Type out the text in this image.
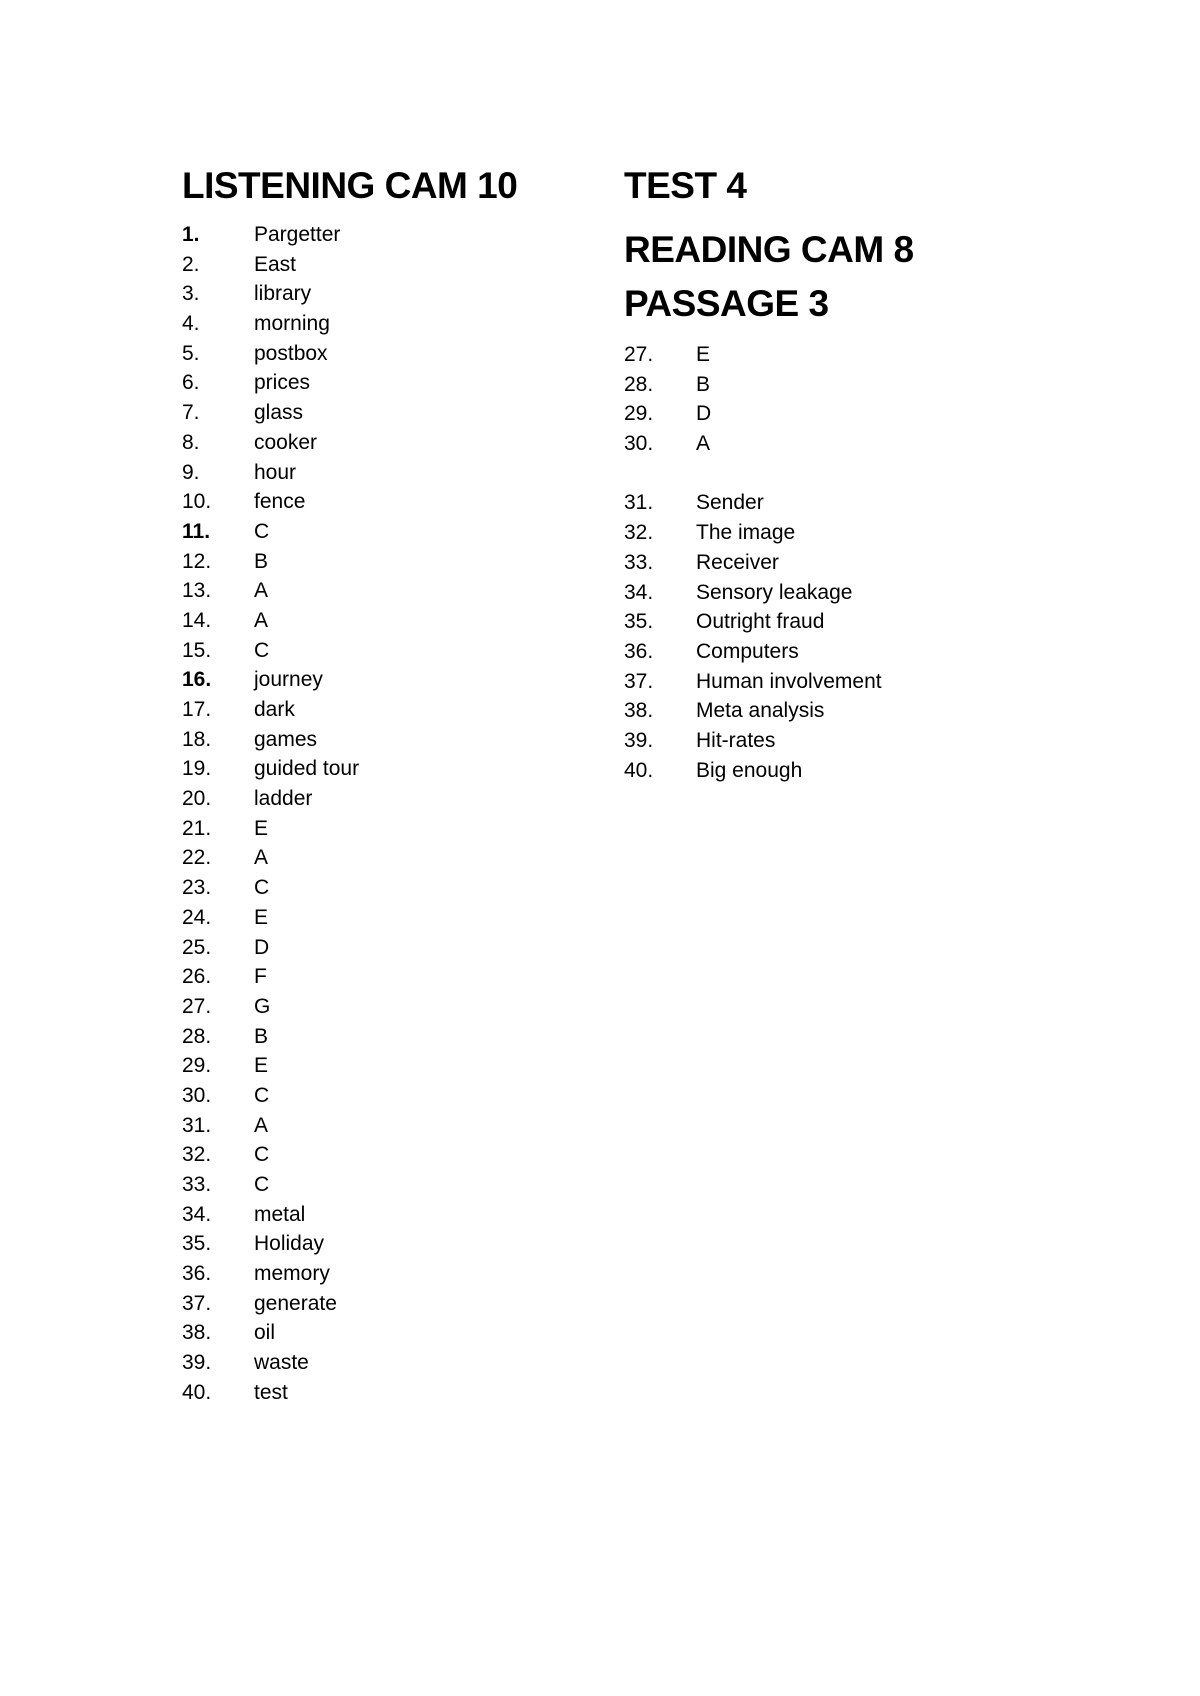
LISTENING CAM 10
1.	Pargetter
2.	East
3.	library
4.	morning
5.	postbox
6.	prices
7.	glass
8.	cooker
9.	hour
10.	fence
11.	C
12.	B
13.	A
14.	A
15.	C
16.	journey
17.	dark
18.	games
19.	guided tour
20.	ladder
21.	E
22.	A
23.	C
24.	E
25.	D
26.	F
27.	G
28.	B
29.	E
30.	C
31.	A
32.	C
33.	C
34.	metal
35.	Holiday
36.	memory
37.	generate
38.	oil
39.	waste
40.	test
TEST 4
READING CAM 8
PASSAGE 3
27.	E
28.	B
29.	D
30.	A
31.	Sender
32.	The image
33.	Receiver
34.	Sensory leakage
35.	Outright fraud
36.	Computers
37.	Human involvement
38.	Meta analysis
39.	Hit-rates
40.	Big enough
